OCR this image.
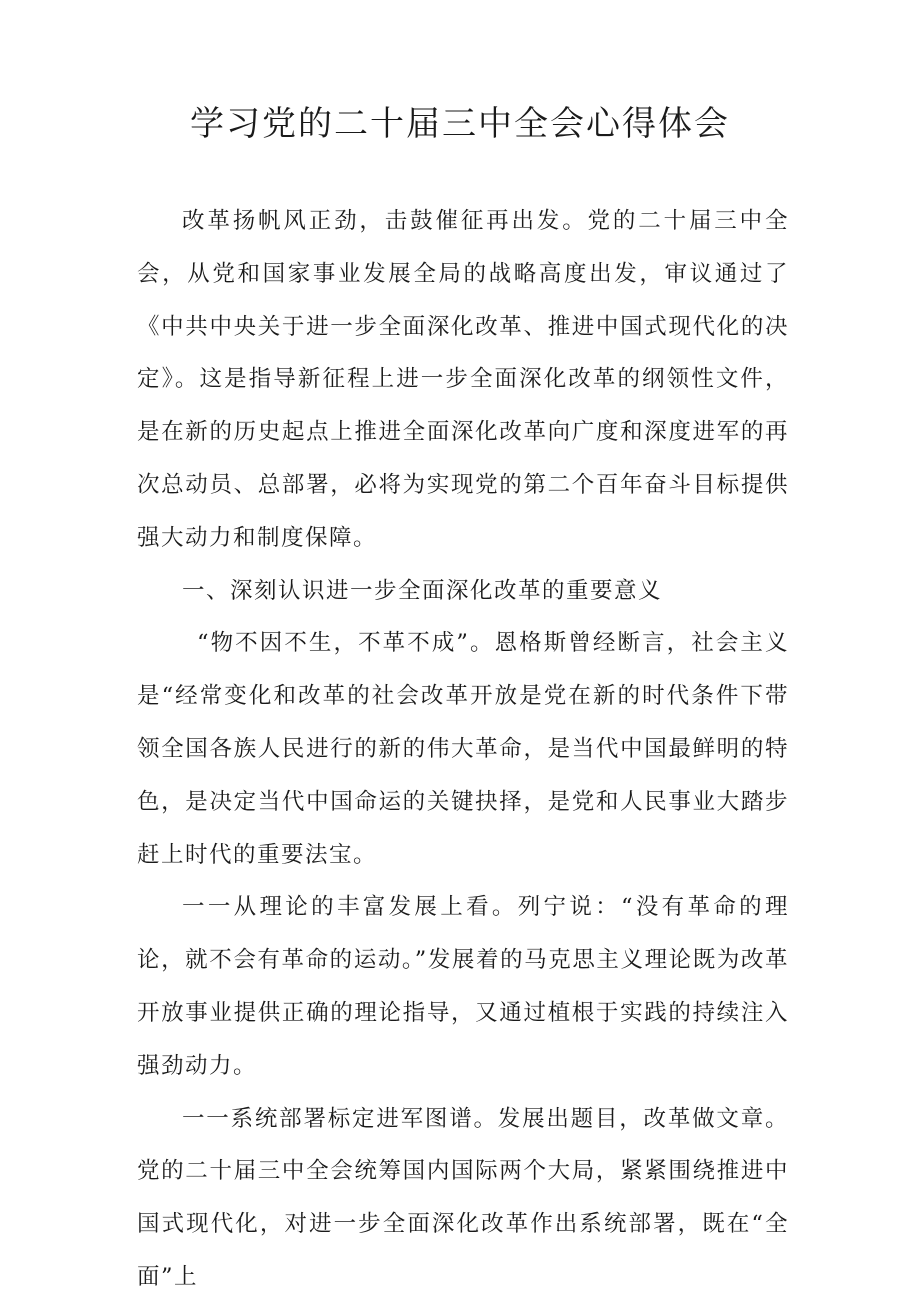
学习党的二十届三中全会心得体会

改革扬帆风正劲，击鼓催征再出发。党的二十届三中全会，从党和国家事业发展全局的战略高度出发，审议通过了《中共中央关于进一步全面深化改革、推进中国式现代化的决定》。这是指导新征程上进一步全面深化改革的纲领性文件，是在新的历史起点上推进全面深化改革向广度和深度进军的再次总动员、总部署，必将为实现党的第二个百年奋斗目标提供强大动力和制度保障。

一、深刻认识进一步全面深化改革的重要意义

“物不因不生，不革不成”。恩格斯曾经断言，社会主义是“经常变化和改革的社会改革开放是党在新的时代条件下带领全国各族人民进行的新的伟大革命，是当代中国最鲜明的特色，是决定当代中国命运的关键抉择，是党和人民事业大踏步赶上时代的重要法宝。

一一从理论的丰富发展上看。列宁说：“没有革命的理论，就不会有革命的运动。”发展着的马克思主义理论既为改革开放事业提供正确的理论指导，又通过植根于实践的持续注入强劲动力。

一一系统部署标定进军图谱。发展出题目，改革做文章。党的二十届三中全会统筹国内国际两个大局，紧紧围绕推进中国式现代化，对进一步全面深化改革作出系统部署，既在“全面”上
